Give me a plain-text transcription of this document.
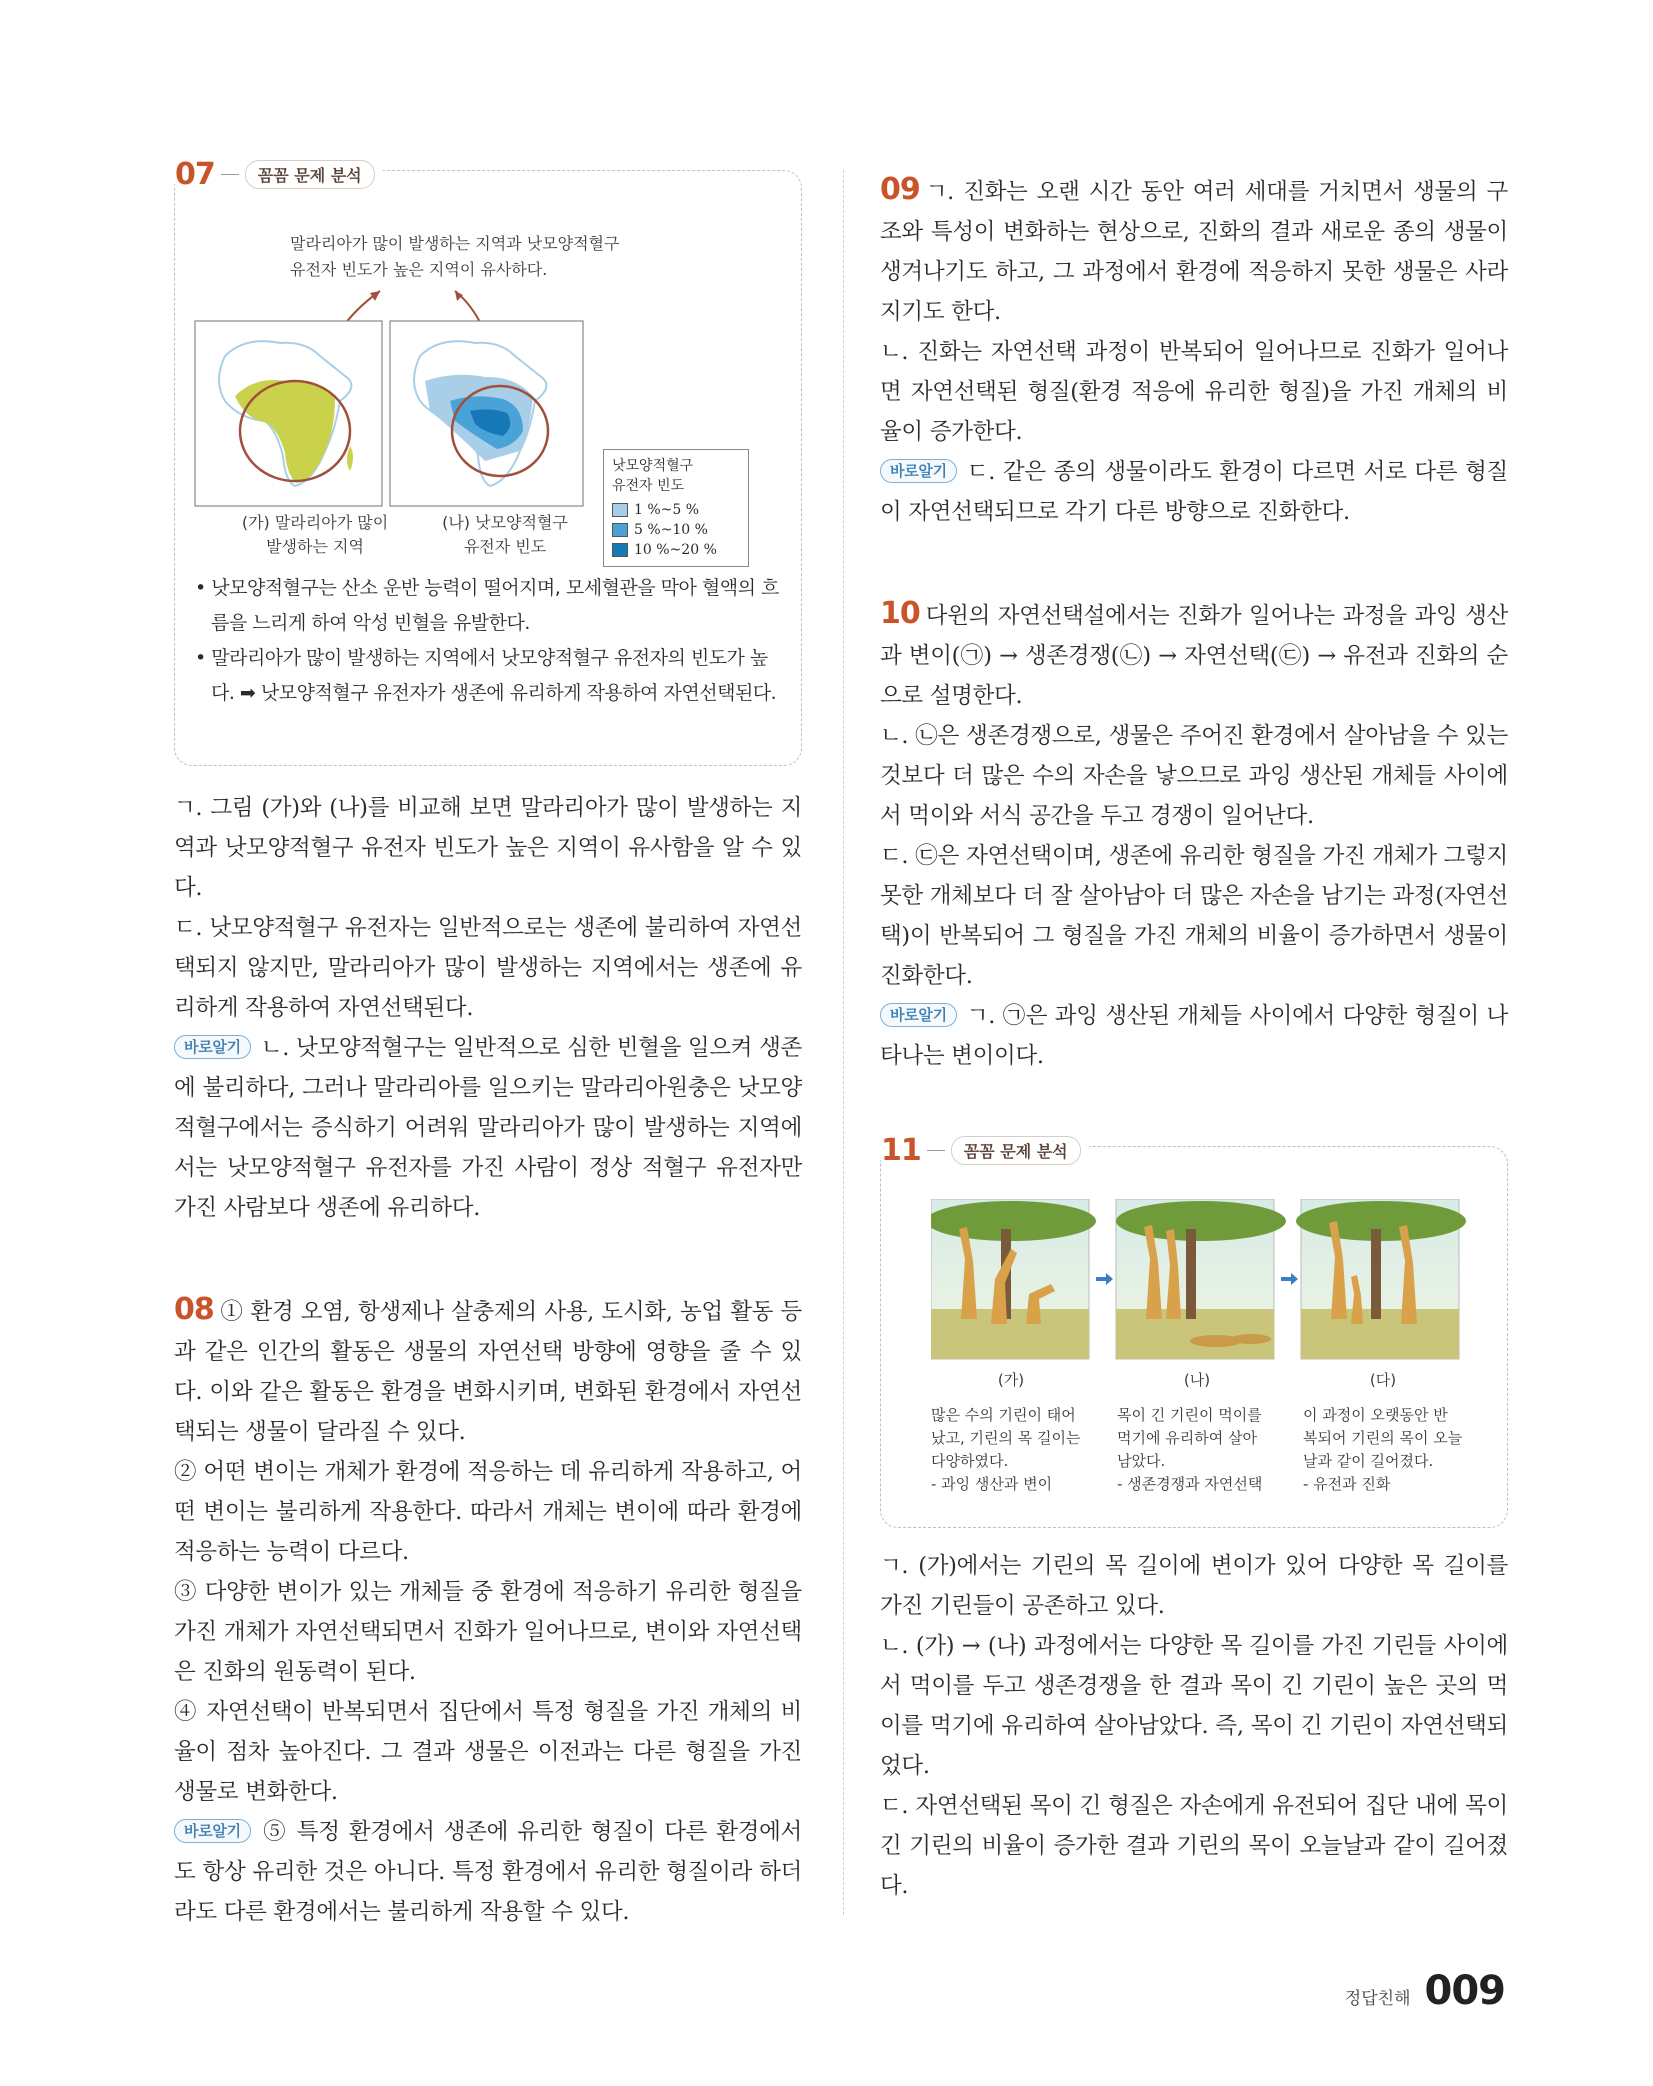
07	꼼꼼 문제 분석
말라리아가 많이 발생하는 지역과 낫모양적혈구
유전자 빈도가 높은 지역이 유사하다.
낫모양적혈구
유전자 빈도
1 %~5 %
5 %~10 %
10 %~20 %
(가) 말라리아가 많이
발생하는 지역
(나) 낫모양적혈구
유전자 빈도

• 낫모양적혈구는 산소 운반 능력이 떨어지며, 모세혈관을 막아 혈액의 흐름을 느리게 하여 악성 빈혈을 유발한다.

• 말라리아가 많이 발생하는 지역에서 낫모양적혈구 유전자의 빈도가 높다. ➡ 낫모양적혈구 유전자가 생존에 유리하게 작용하여 자연선택된다.

ㄱ. 그림 (가)와 (나)를 비교해 보면 말라리아가 많이 발생하는 지역과 낫모양적혈구 유전자 빈도가 높은 지역이 유사함을 알 수 있다.

ㄷ. 낫모양적혈구 유전자는 일반적으로는 생존에 불리하여 자연선택되지 않지만, 말라리아가 많이 발생하는 지역에서는 생존에 유리하게 작용하여 자연선택된다.

바로알기 ㄴ. 낫모양적혈구는 일반적으로 심한 빈혈을 일으켜 생존에 불리하다, 그러나 말라리아를 일으키는 말라리아원충은 낫모양적혈구에서는 증식하기 어려워 말라리아가 많이 발생하는 지역에서는 낫모양적혈구 유전자를 가진 사람이 정상 적혈구 유전자만 가진 사람보다 생존에 유리하다.

08 ① 환경 오염, 항생제나 살충제의 사용, 도시화, 농업 활동 등과 같은 인간의 활동은 생물의 자연선택 방향에 영향을 줄 수 있다. 이와 같은 활동은 환경을 변화시키며, 변화된 환경에서 자연선택되는 생물이 달라질 수 있다.

② 어떤 변이는 개체가 환경에 적응하는 데 유리하게 작용하고, 어떤 변이는 불리하게 작용한다. 따라서 개체는 변이에 따라 환경에 적응하는 능력이 다르다.

③ 다양한 변이가 있는 개체들 중 환경에 적응하기 유리한 형질을 가진 개체가 자연선택되면서 진화가 일어나므로, 변이와 자연선택은 진화의 원동력이 된다.

④ 자연선택이 반복되면서 집단에서 특정 형질을 가진 개체의 비율이 점차 높아진다. 그 결과 생물은 이전과는 다른 형질을 가진 생물로 변화한다.

바로알기 ⑤ 특정 환경에서 생존에 유리한 형질이 다른 환경에서도 항상 유리한 것은 아니다. 특정 환경에서 유리한 형질이라 하더라도 다른 환경에서는 불리하게 작용할 수 있다.

09 ㄱ. 진화는 오랜 시간 동안 여러 세대를 거치면서 생물의 구조와 특성이 변화하는 현상으로, 진화의 결과 새로운 종의 생물이 생겨나기도 하고, 그 과정에서 환경에 적응하지 못한 생물은 사라지기도 한다.

ㄴ. 진화는 자연선택 과정이 반복되어 일어나므로 진화가 일어나면 자연선택된 형질(환경 적응에 유리한 형질)을 가진 개체의 비율이 증가한다.

바로알기 ㄷ. 같은 종의 생물이라도 환경이 다르면 서로 다른 형질이 자연선택되므로 각기 다른 방향으로 진화한다.

10 다윈의 자연선택설에서는 진화가 일어나는 과정을 과잉 생산과 변이(㉠) → 생존경쟁(㉡) → 자연선택(㉢) → 유전과 진화의 순으로 설명한다.

ㄴ. ㉡은 생존경쟁으로, 생물은 주어진 환경에서 살아남을 수 있는 것보다 더 많은 수의 자손을 낳으므로 과잉 생산된 개체들 사이에서 먹이와 서식 공간을 두고 경쟁이 일어난다.

ㄷ. ㉢은 자연선택이며, 생존에 유리한 형질을 가진 개체가 그렇지 못한 개체보다 더 잘 살아남아 더 많은 자손을 남기는 과정(자연선택)이 반복되어 그 형질을 가진 개체의 비율이 증가하면서 생물이 진화한다.

바로알기 ㄱ. ㉠은 과잉 생산된 개체들 사이에서 다양한 형질이 나타나는 변이이다.

11	꼼꼼 문제 분석
(가)
많은 수의 기린이 태어
났고, 기린의 목 길이는
다양하였다.
- 과잉 생산과 변이
(나)
목이 긴 기린이 먹이를
먹기에 유리하여 살아
남았다.
- 생존경쟁과 자연선택
(다)
이 과정이 오랫동안 반
복되어 기린의 목이 오늘
날과 같이 길어졌다.
- 유전과 진화

ㄱ. (가)에서는 기린의 목 길이에 변이가 있어 다양한 목 길이를 가진 기린들이 공존하고 있다.

ㄴ. (가) → (나) 과정에서는 다양한 목 길이를 가진 기린들 사이에서 먹이를 두고 생존경쟁을 한 결과 목이 긴 기린이 높은 곳의 먹이를 먹기에 유리하여 살아남았다. 즉, 목이 긴 기린이 자연선택되었다.

ㄷ. 자연선택된 목이 긴 형질은 자손에게 유전되어 집단 내에 목이 긴 기린의 비율이 증가한 결과 기린의 목이 오늘날과 같이 길어졌다.

정답친해 009
